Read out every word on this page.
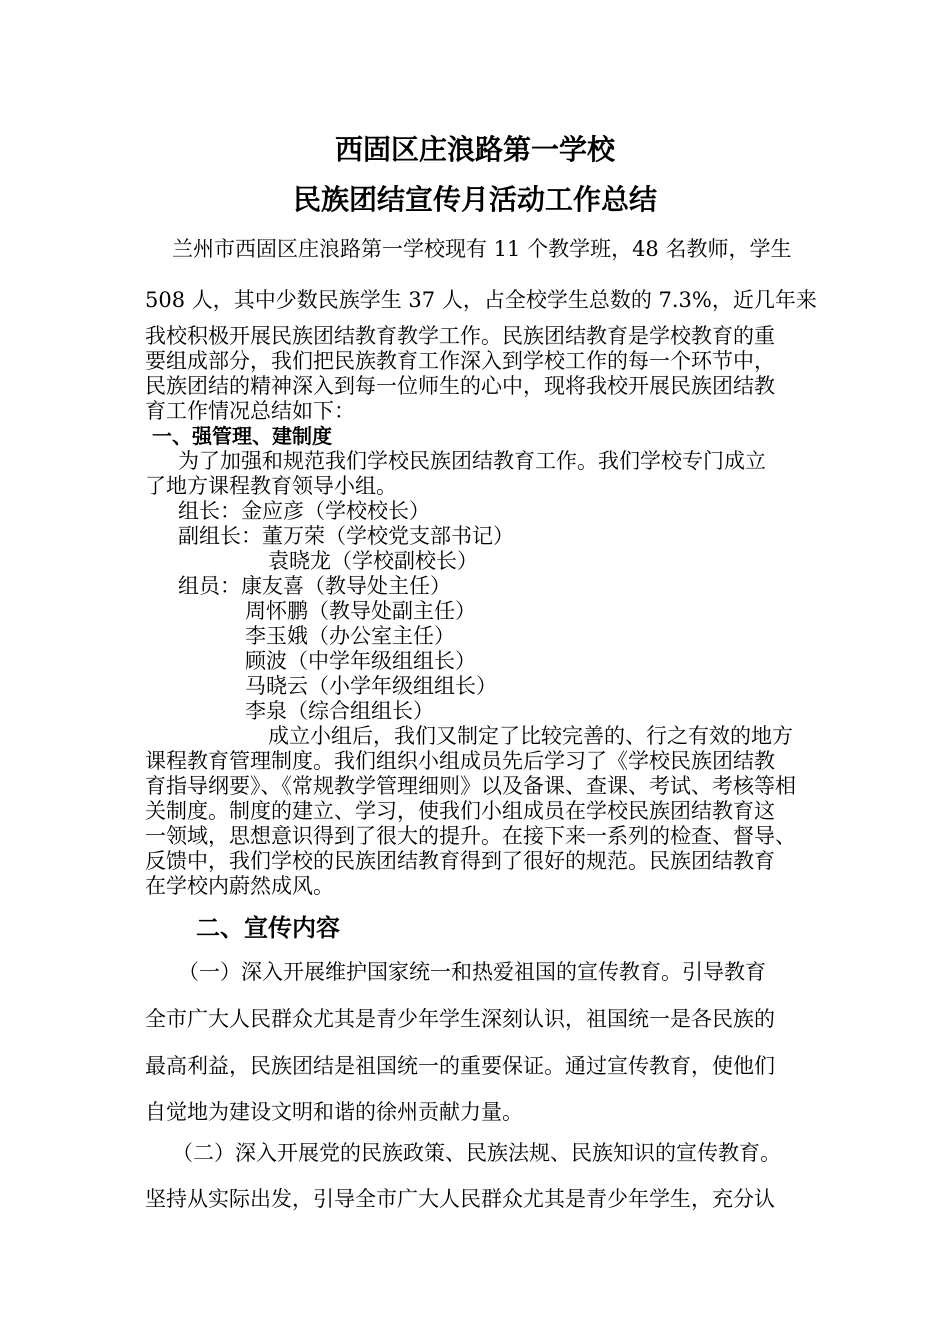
西固区庄浪路第一学校
民族团结宣传月活动工作总结
兰州市西固区庄浪路第一学校现有 11 个教学班，48 名教师，学生
508 人，其中少数民族学生 37 人，占全校学生总数的 7.3%，近几年来
我校积极开展民族团结教育教学工作。民族团结教育是学校教育的重
要组成部分，我们把民族教育工作深入到学校工作的每一个环节中，
民族团结的精神深入到每一位师生的心中，现将我校开展民族团结教
育工作情况总结如下：
一、强管理、建制度
为了加强和规范我们学校民族团结教育工作。我们学校专门成立
了地方课程教育领导小组。
组长：金应彦（学校校长）
副组长：董万荣（学校党支部书记）
袁晓龙（学校副校长）
组员：康友喜（教导处主任）
周怀鹏（教导处副主任）
李玉娥（办公室主任）
顾波（中学年级组组长）
马晓云（小学年级组组长）
李泉（综合组组长）
成立小组后，我们又制定了比较完善的、行之有效的地方
课程教育管理制度。我们组织小组成员先后学习了《学校民族团结教
育指导纲要》、《常规教学管理细则》以及备课、查课、考试、考核等相
关制度。制度的建立、学习，使我们小组成员在学校民族团结教育这
一领域，思想意识得到了很大的提升。在接下来一系列的检查、督导、
反馈中，我们学校的民族团结教育得到了很好的规范。民族团结教育
在学校内蔚然成风。
二、宣传内容
（一）深入开展维护国家统一和热爱祖国的宣传教育。引导教育
全市广大人民群众尤其是青少年学生深刻认识，祖国统一是各民族的
最高利益，民族团结是祖国统一的重要保证。通过宣传教育，使他们
自觉地为建设文明和谐的徐州贡献力量。
（二）深入开展党的民族政策、民族法规、民族知识的宣传教育。
坚持从实际出发，引导全市广大人民群众尤其是青少年学生，充分认
